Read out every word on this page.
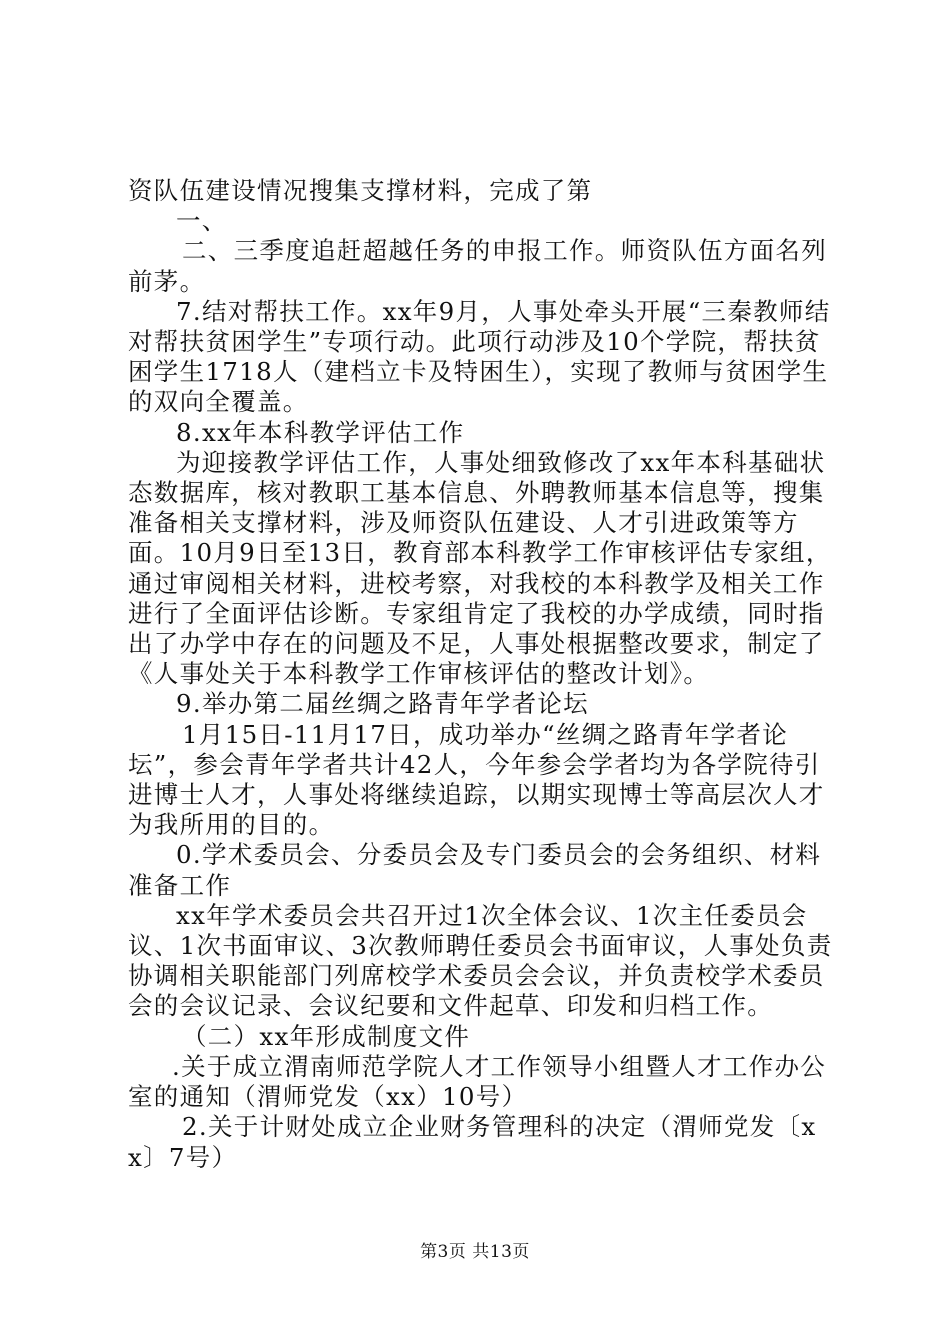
资队伍建设情况搜集支撑材料，完成了第

一、

二、三季度追赶超越任务的申报工作。师资队伍方面名列前茅。

7.结对帮扶工作。xx年9月，人事处牵头开展“三秦教师结对帮扶贫困学生”专项行动。此项行动涉及10个学院，帮扶贫困学生1718人（建档立卡及特困生），实现了教师与贫困学生的双向全覆盖。

8.xx年本科教学评估工作

为迎接教学评估工作，人事处细致修改了xx年本科基础状态数据库，核对教职工基本信息、外聘教师基本信息等，搜集准备相关支撑材料，涉及师资队伍建设、人才引进政策等方面。10月9日至13日，教育部本科教学工作审核评估专家组，通过审阅相关材料，进校考察，对我校的本科教学及相关工作进行了全面评估诊断。专家组肯定了我校的办学成绩，同时指出了办学中存在的问题及不足，人事处根据整改要求，制定了《人事处关于本科教学工作审核评估的整改计划》。

9.举办第二届丝绸之路青年学者论坛

1月15日-11月17日，成功举办“丝绸之路青年学者论坛”，参会青年学者共计42人，今年参会学者均为各学院待引进博士人才，人事处将继续追踪，以期实现博士等高层次人才为我所用的目的。

0.学术委员会、分委员会及专门委员会的会务组织、材料准备工作

xx年学术委员会共召开过1次全体会议、1次主任委员会议、1次书面审议、3次教师聘任委员会书面审议，人事处负责协调相关职能部门列席校学术委员会会议，并负责校学术委员会的会议记录、会议纪要和文件起草、印发和归档工作。

（二）xx年形成制度文件

.关于成立渭南师范学院人才工作领导小组暨人才工作办公室的通知（渭师党发（xx）10号）

2.关于计财处成立企业财务管理科的决定（渭师党发〔xx〕7号）

第3页 共13页
